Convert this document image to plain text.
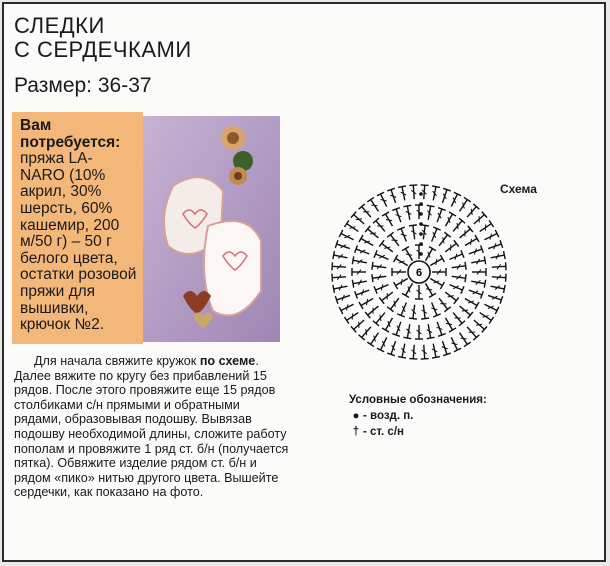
СЛЕДКИ
С СЕРДЕЧКАМИ
Размер: 36-37
Вам потребуется:
пряжа LA-NARO (10% акрил, 30% шерсть, 60% кашемир, 200 м/50 г) – 50 г белого цвета, остатки розовой пряжи для вышивки, крючок №2.

Для начала свяжите кружок по схеме. Далее вяжите по кругу без прибавлений 15 рядов. После этого провяжите еще 15 рядов столбиками с/н прямыми и обратными рядами, образовывая подошву. Вывязав подошву необходимой длины, сложите работу пополам и провяжите 1 ряд ст. б/н (получается пятка). Обвяжите изделие рядом ст. б/н и рядом «пико» нитью другого цвета. Вышейте сердечки, как показано на фото.

Схема
6
Условные обозначения:
● - возд. п.
† - ст. с/н
